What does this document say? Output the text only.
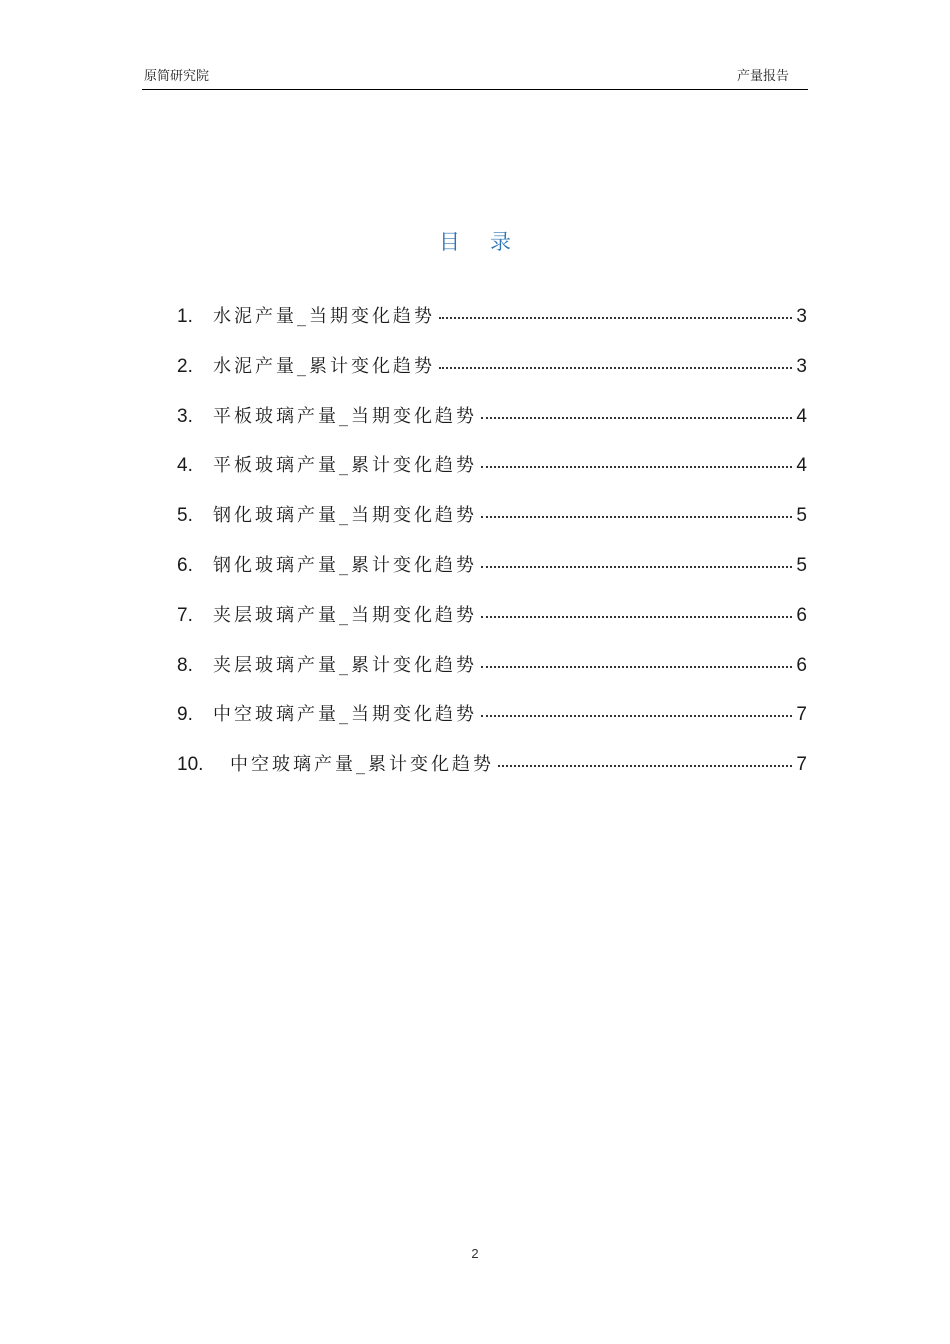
原简研究院	产量报告
目录
1.	水泥产量_当期变化趋势	3
2.	水泥产量_累计变化趋势	3
3.	平板玻璃产量_当期变化趋势	4
4.	平板玻璃产量_累计变化趋势	4
5.	钢化玻璃产量_当期变化趋势	5
6.	钢化玻璃产量_累计变化趋势	5
7.	夹层玻璃产量_当期变化趋势	6
8.	夹层玻璃产量_累计变化趋势	6
9.	中空玻璃产量_当期变化趋势	7
10.	中空玻璃产量_累计变化趋势	7
2
